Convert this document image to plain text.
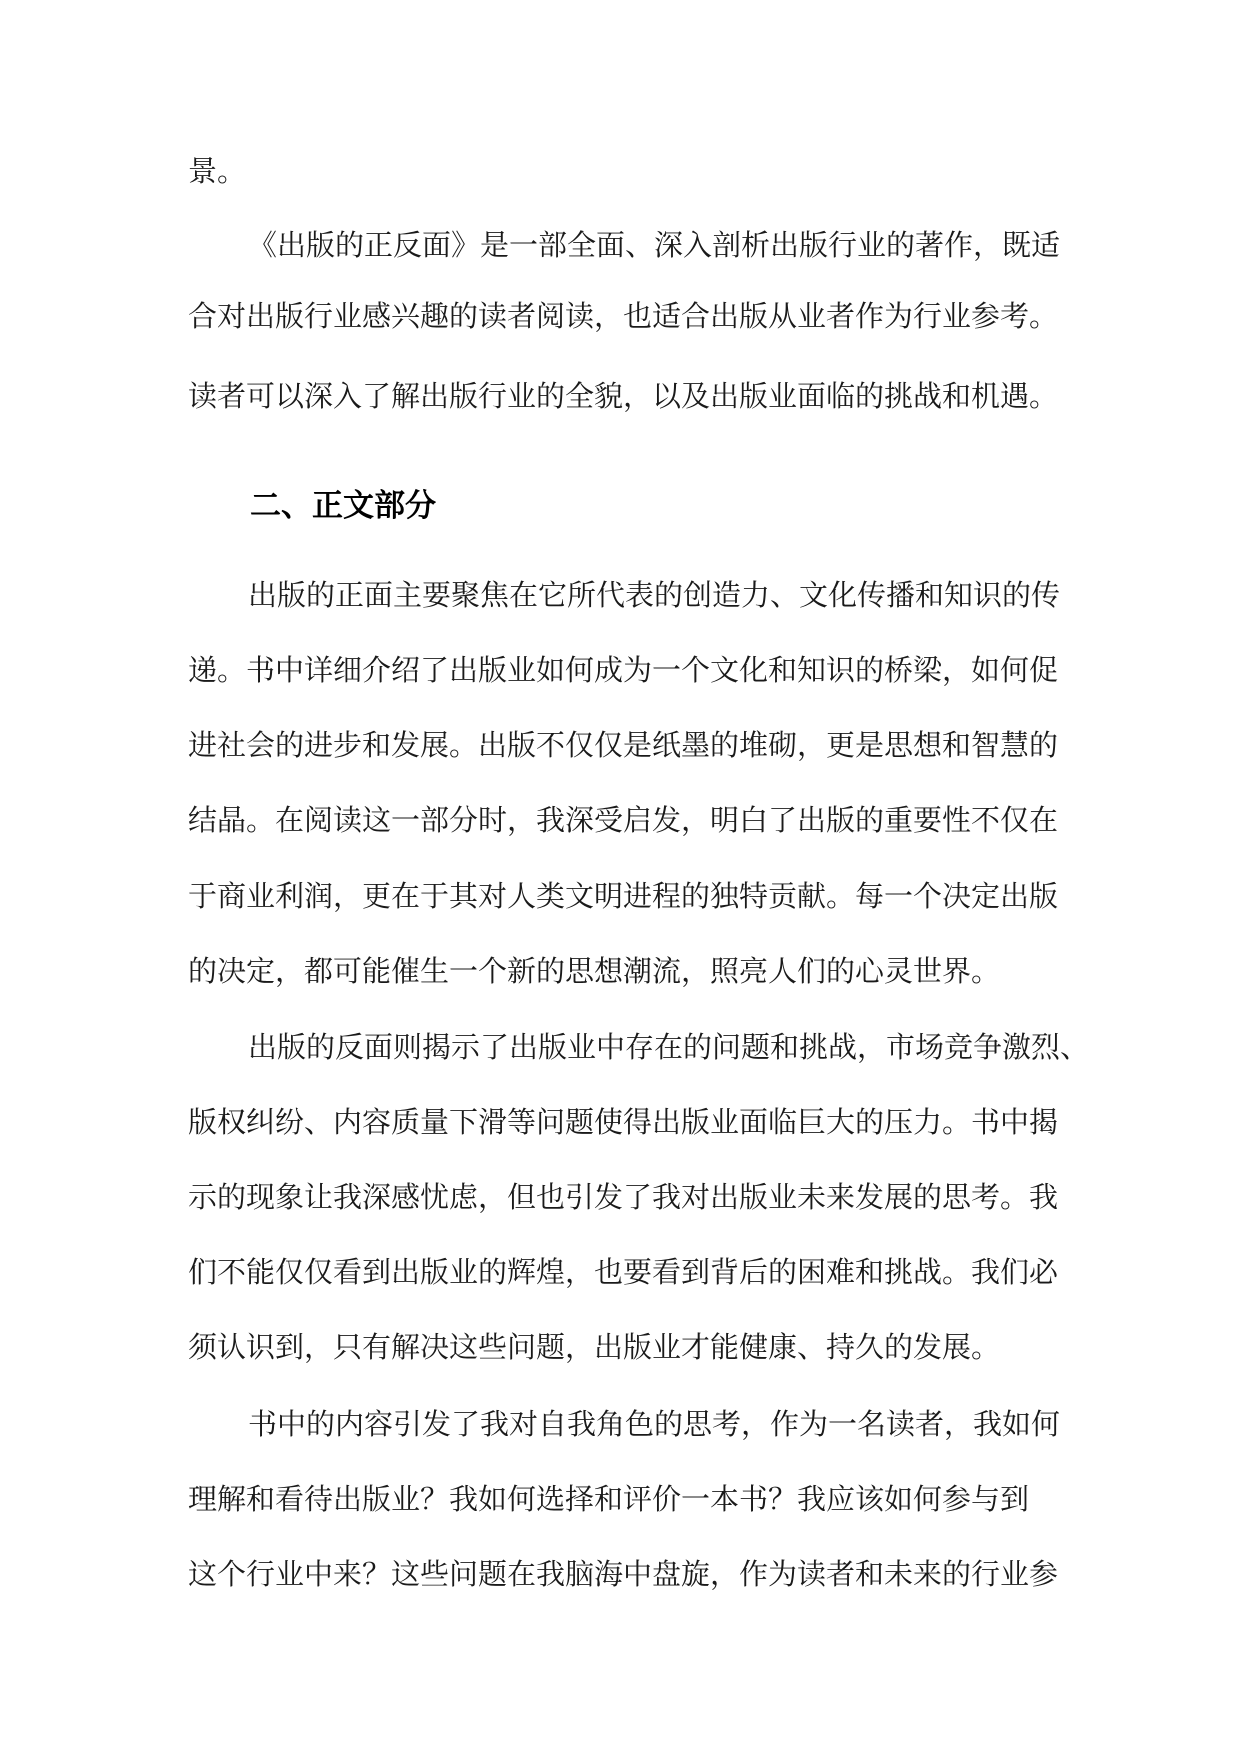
景。
《出版的正反面》是一部全面、深入剖析出版行业的著作，既适
合对出版行业感兴趣的读者阅读，也适合出版从业者作为行业参考。
读者可以深入了解出版行业的全貌，以及出版业面临的挑战和机遇。
二、正文部分
出版的正面主要聚焦在它所代表的创造力、文化传播和知识的传
递。书中详细介绍了出版业如何成为一个文化和知识的桥梁，如何促
进社会的进步和发展。出版不仅仅是纸墨的堆砌，更是思想和智慧的
结晶。在阅读这一部分时，我深受启发，明白了出版的重要性不仅在
于商业利润，更在于其对人类文明进程的独特贡献。每一个决定出版
的决定，都可能催生一个新的思想潮流，照亮人们的心灵世界。
出版的反面则揭示了出版业中存在的问题和挑战，市场竞争激烈、
版权纠纷、内容质量下滑等问题使得出版业面临巨大的压力。书中揭
示的现象让我深感忧虑，但也引发了我对出版业未来发展的思考。我
们不能仅仅看到出版业的辉煌，也要看到背后的困难和挑战。我们必
须认识到，只有解决这些问题，出版业才能健康、持久的发展。
书中的内容引发了我对自我角色的思考，作为一名读者，我如何
理解和看待出版业？我如何选择和评价一本书？我应该如何参与到
这个行业中来？这些问题在我脑海中盘旋，作为读者和未来的行业参
